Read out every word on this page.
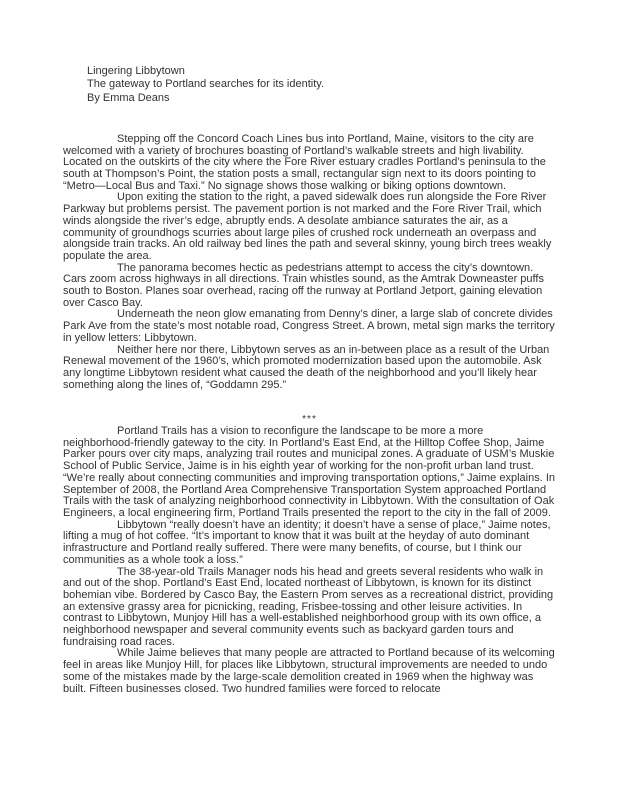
Lingering Libbytown
The gateway to Portland searches for its identity.
By Emma Deans

Stepping off the Concord Coach Lines bus into Portland, Maine, visitors to the city are welcomed with a variety of brochures boasting of Portland’s walkable streets and high livability. Located on the outskirts of the city where the Fore River estuary cradles Portland’s peninsula to the south at Thompson’s Point, the station posts a small, rectangular sign next to its doors pointing to “Metro—Local Bus and Taxi.” No signage shows those walking or biking options downtown.

Upon exiting the station to the right, a paved sidewalk does run alongside the Fore River Parkway but problems persist. The pavement portion is not marked and the Fore River Trail, which winds alongside the river’s edge, abruptly ends. A desolate ambiance saturates the air, as a community of groundhogs scurries about large piles of crushed rock underneath an overpass and alongside train tracks. An old railway bed lines the path and several skinny, young birch trees weakly populate the area.

The panorama becomes hectic as pedestrians attempt to access the city’s downtown. Cars zoom across highways in all directions. Train whistles sound, as the Amtrak Downeaster puffs south to Boston. Planes soar overhead, racing off the runway at Portland Jetport, gaining elevation over Casco Bay.

Underneath the neon glow emanating from Denny’s diner, a large slab of concrete divides Park Ave from the state’s most notable road, Congress Street. A brown, metal sign marks the territory in yellow letters: Libbytown.

Neither here nor there, Libbytown serves as an in-between place as a result of the Urban Renewal movement of the 1960’s, which promoted modernization based upon the automobile. Ask any longtime Libbytown resident what caused the death of the neighborhood and you’ll likely hear something along the lines of, “Goddamn 295.”

***

Portland Trails has a vision to reconfigure the landscape to be more a more neighborhood-friendly gateway to the city. In Portland’s East End, at the Hilltop Coffee Shop, Jaime Parker pours over city maps, analyzing trail routes and municipal zones. A graduate of USM’s Muskie School of Public Service, Jaime is in his eighth year of working for the non-profit urban land trust. “We’re really about connecting communities and improving transportation options,” Jaime explains. In September of 2008, the Portland Area Comprehensive Transportation System approached Portland Trails with the task of analyzing neighborhood connectivity in Libbytown. With the consultation of Oak Engineers, a local engineering firm, Portland Trails presented the report to the city in the fall of 2009.

Libbytown “really doesn’t have an identity; it doesn’t have a sense of place,” Jaime notes, lifting a mug of hot coffee. “It’s important to know that it was built at the heyday of auto dominant infrastructure and Portland really suffered. There were many benefits, of course, but I think our communities as a whole took a loss.”

The 38-year-old Trails Manager nods his head and greets several residents who walk in and out of the shop. Portland’s East End, located northeast of Libbytown, is known for its distinct bohemian vibe. Bordered by Casco Bay, the Eastern Prom serves as a recreational district, providing an extensive grassy area for picnicking, reading, Frisbee-tossing and other leisure activities. In contrast to Libbytown, Munjoy Hill has a well-established neighborhood group with its own office, a neighborhood newspaper and several community events such as backyard garden tours and fundraising road races.

While Jaime believes that many people are attracted to Portland because of its welcoming feel in areas like Munjoy Hill, for places like Libbytown, structural improvements are needed to undo some of the mistakes made by the large-scale demolition created in 1969 when the highway was built. Fifteen businesses closed. Two hundred families were forced to relocate
